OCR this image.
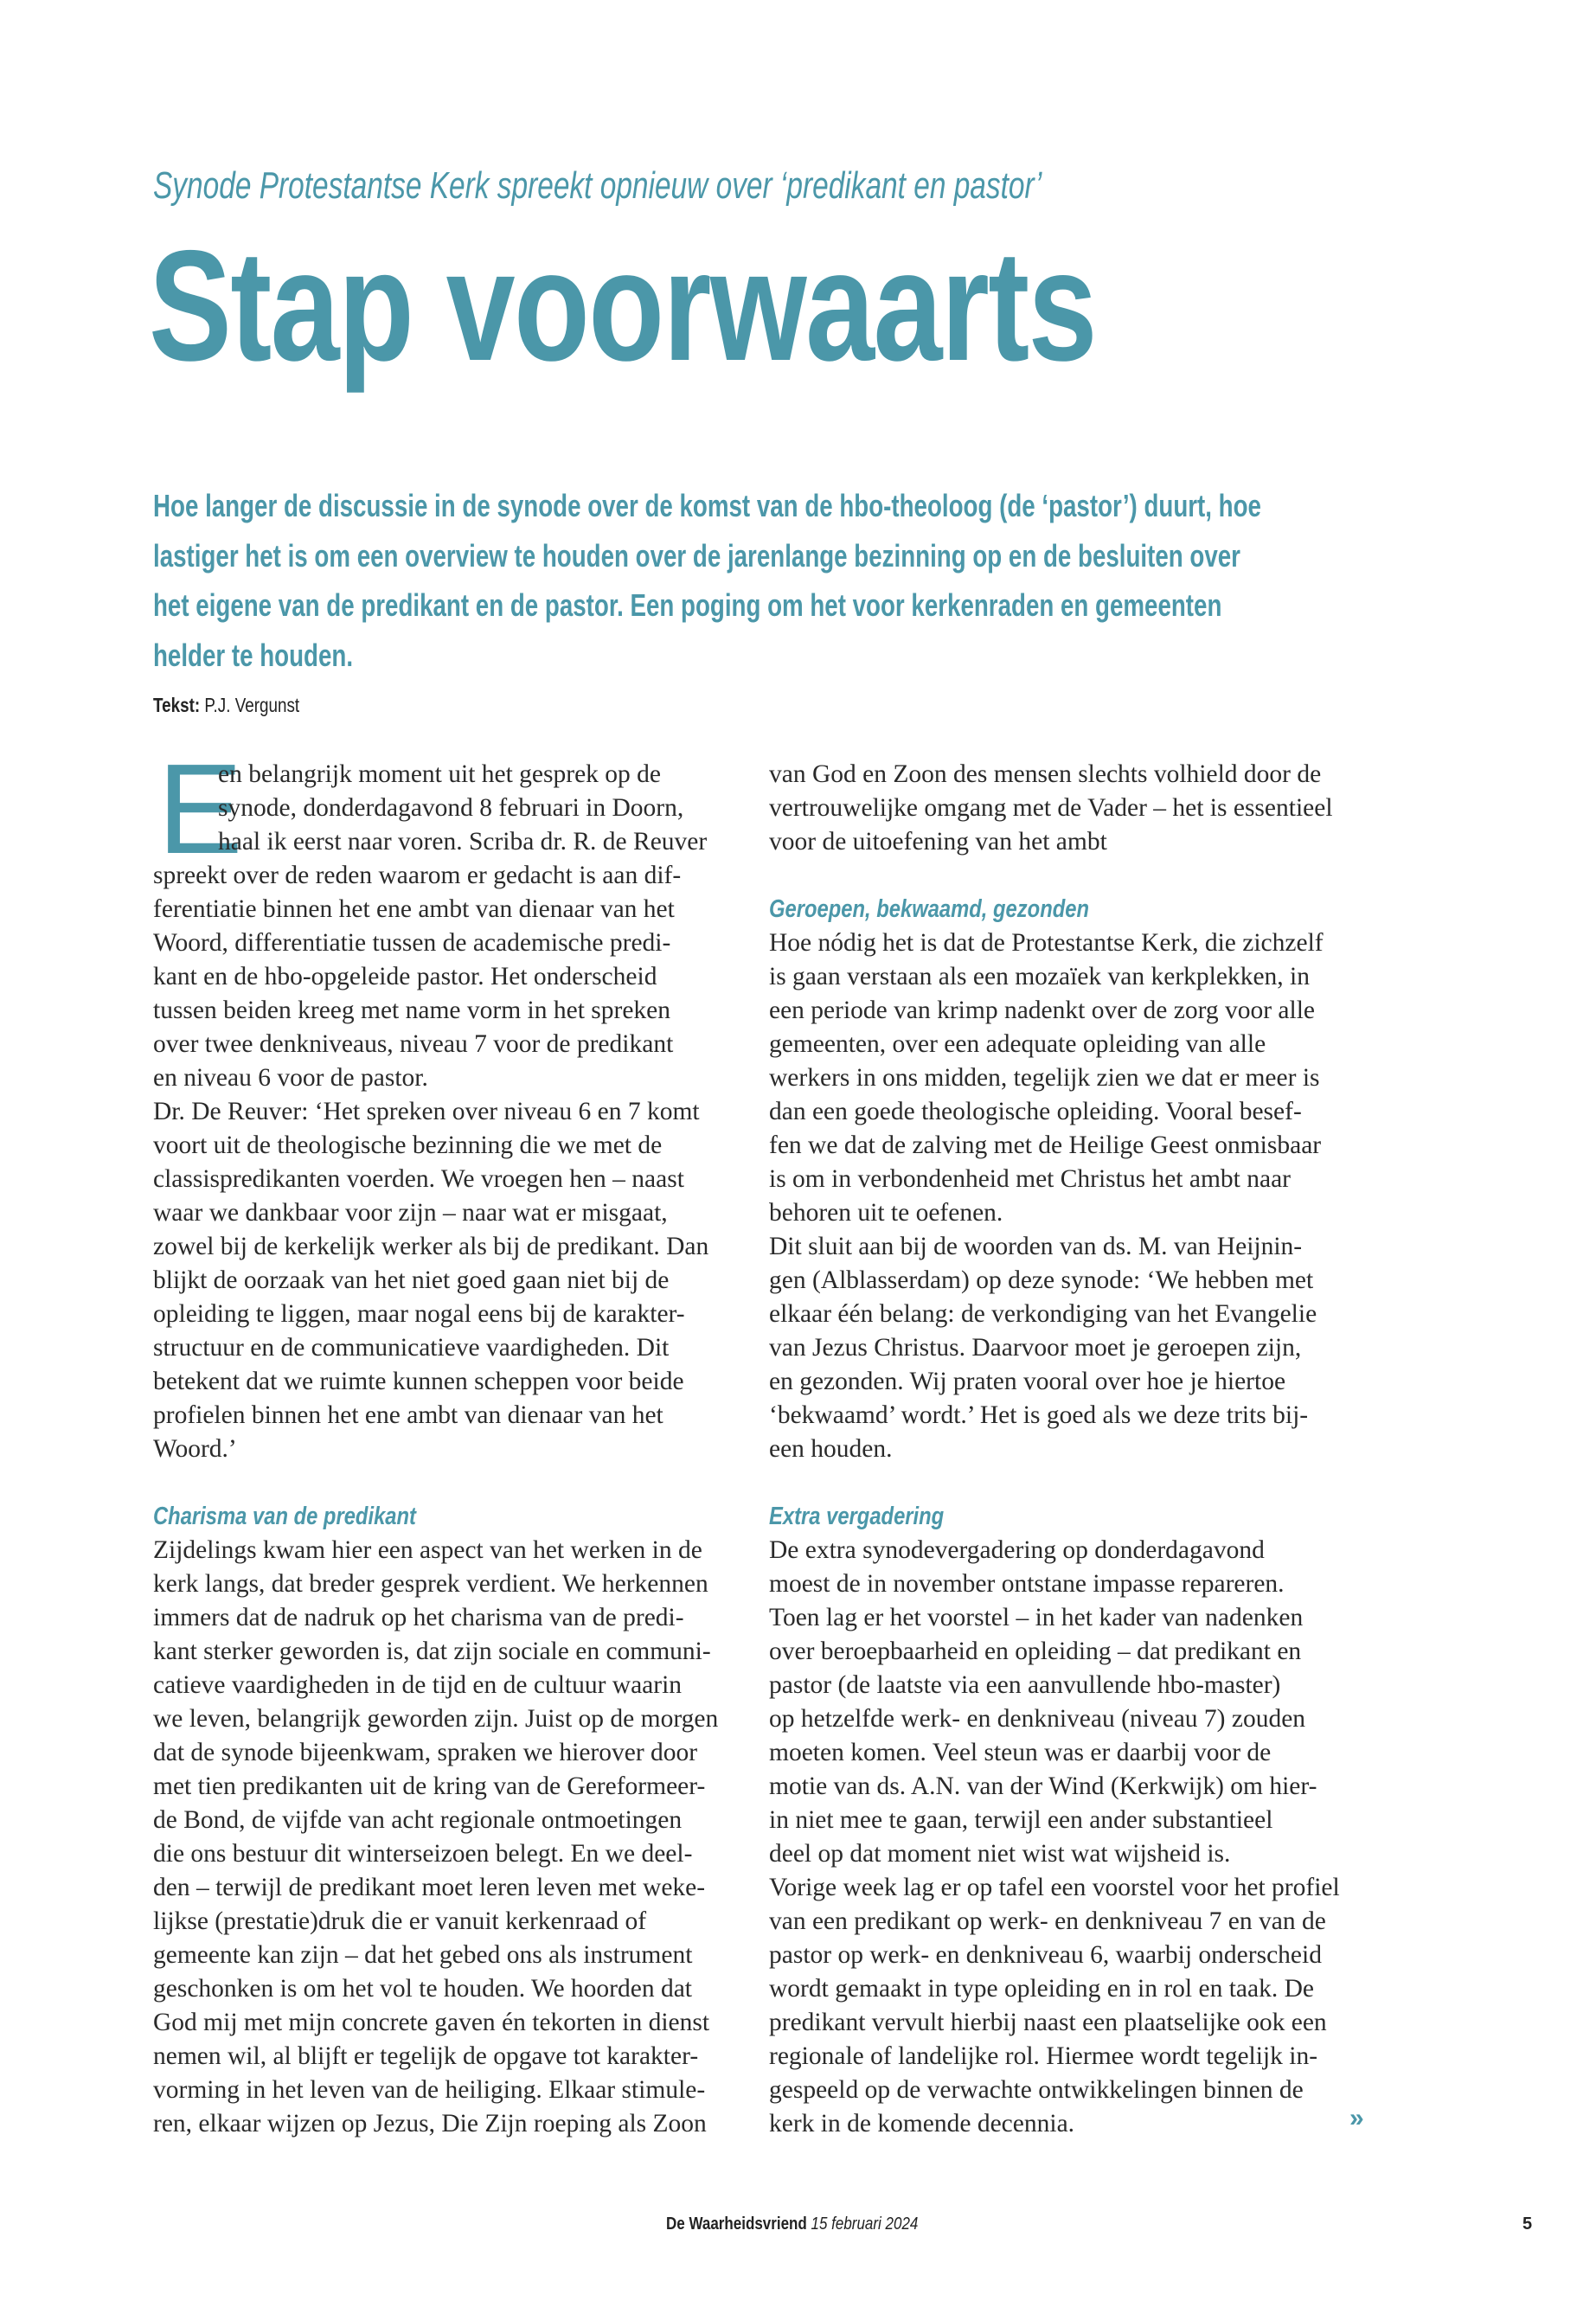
Synode Protestantse Kerk spreekt opnieuw over ‘predikant en pastor’
Stap voorwaarts
Hoe langer de discussie in de synode over de komst van de hbo-theoloog (de ‘pastor’) duurt, hoe
lastiger het is om een overview te houden over de jarenlange bezinning op en de besluiten over
het eigene van de predikant en de pastor. Een poging om het voor kerkenraden en gemeenten
helder te houden.
Tekst: P.J. Vergunst
E
en belangrijk moment uit het gesprek op de
synode, donderdagavond 8 februari in Doorn,
haal ik eerst naar voren. Scriba dr. R. de Reuver
spreekt over de reden waarom er gedacht is aan dif-
ferentiatie binnen het ene ambt van dienaar van het
Woord, differentiatie tussen de academische predi-
kant en de hbo-opgeleide pastor. Het onderscheid
tussen beiden kreeg met name vorm in het spreken
over twee denkniveaus, niveau 7 voor de predikant
en niveau 6 voor de pastor.
Dr. De Reuver: ‘Het spreken over niveau 6 en 7 komt
voort uit de theologische bezinning die we met de
classispredikanten voerden. We vroegen hen – naast
waar we dankbaar voor zijn – naar wat er misgaat,
zowel bij de kerkelijk werker als bij de predikant. Dan
blijkt de oorzaak van het niet goed gaan niet bij de
opleiding te liggen, maar nogal eens bij de karakter-
structuur en de communicatieve vaardigheden. Dit
betekent dat we ruimte kunnen scheppen voor beide
profielen binnen het ene ambt van dienaar van het
Woord.’
Charisma van de predikant
Zijdelings kwam hier een aspect van het werken in de
kerk langs, dat breder gesprek verdient. We herkennen
immers dat de nadruk op het charisma van de predi-
kant sterker geworden is, dat zijn sociale en communi-
catieve vaardigheden in de tijd en de cultuur waarin
we leven, belangrijk geworden zijn. Juist op de morgen
dat de synode bijeenkwam, spraken we hierover door
met tien predikanten uit de kring van de Gereformeer-
de Bond, de vijfde van acht regionale ontmoetingen
die ons bestuur dit winterseizoen belegt. En we deel-
den – terwijl de predikant moet leren leven met weke-
lijkse (prestatie)druk die er vanuit kerkenraad of
gemeente kan zijn – dat het gebed ons als instrument
geschonken is om het vol te houden. We hoorden dat
God mij met mijn concrete gaven én tekorten in dienst
nemen wil, al blijft er tegelijk de opgave tot karakter-
vorming in het leven van de heiliging. Elkaar stimule-
ren, elkaar wijzen op Jezus, Die Zijn roeping als Zoon
van God en Zoon des mensen slechts volhield door de
vertrouwelijke omgang met de Vader – het is essentieel
voor de uitoefening van het ambt
Geroepen, bekwaamd, gezonden
Hoe nódig het is dat de Protestantse Kerk, die zichzelf
is gaan verstaan als een mozaïek van kerkplekken, in
een periode van krimp nadenkt over de zorg voor alle
gemeenten, over een adequate opleiding van alle
werkers in ons midden, tegelijk zien we dat er meer is
dan een goede theologische opleiding. Vooral besef-
fen we dat de zalving met de Heilige Geest onmisbaar
is om in verbondenheid met Christus het ambt naar
behoren uit te oefenen.
Dit sluit aan bij de woorden van ds. M. van Heijnin-
gen (Alblasserdam) op deze synode: ‘We hebben met
elkaar één belang: de verkondiging van het Evangelie
van Jezus Christus. Daarvoor moet je geroepen zijn,
en gezonden. Wij praten vooral over hoe je hiertoe
‘bekwaamd’ wordt.’ Het is goed als we deze trits bij-
een houden.
Extra vergadering
De extra synodevergadering op donderdagavond
moest de in november ontstane impasse repareren.
Toen lag er het voorstel – in het kader van nadenken
over beroepbaarheid en opleiding – dat predikant en
pastor (de laatste via een aanvullende hbo-master)
op hetzelfde werk- en denkniveau (niveau 7) zouden
moeten komen. Veel steun was er daarbij voor de
motie van ds. A.N. van der Wind (Kerkwijk) om hier-
in niet mee te gaan, terwijl een ander substantieel
deel op dat moment niet wist wat wijsheid is.
Vorige week lag er op tafel een voorstel voor het profiel
van een predikant op werk- en denkniveau 7 en van de
pastor op werk- en denkniveau 6, waarbij onderscheid
wordt gemaakt in type opleiding en in rol en taak. De
predikant vervult hierbij naast een plaatselijke ook een
regionale of landelijke rol. Hiermee wordt tegelijk in-
gespeeld op de verwachte ontwikkelingen binnen de
kerk in de komende decennia.	»
De Waarheidsvriend 15 februari 2024	5
